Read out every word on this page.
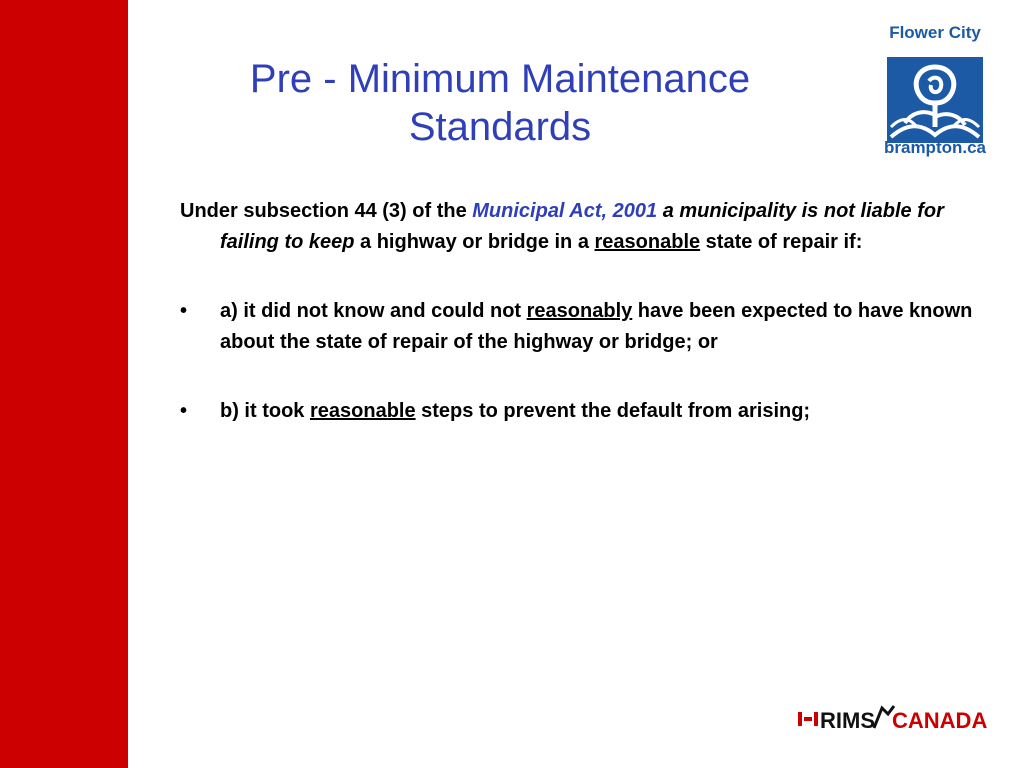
Pre - Minimum Maintenance Standards
Flower City
brampton.ca

Under subsection 44 (3) of the Municipal Act, 2001 a municipality is not liable for failing to keep a highway or bridge in a reasonable state of repair if:

• a) it did not know and could not reasonably have been expected to have known about the state of repair of the highway or bridge; or

• b) it took reasonable steps to prevent the default from arising;

RIMS CANADA
